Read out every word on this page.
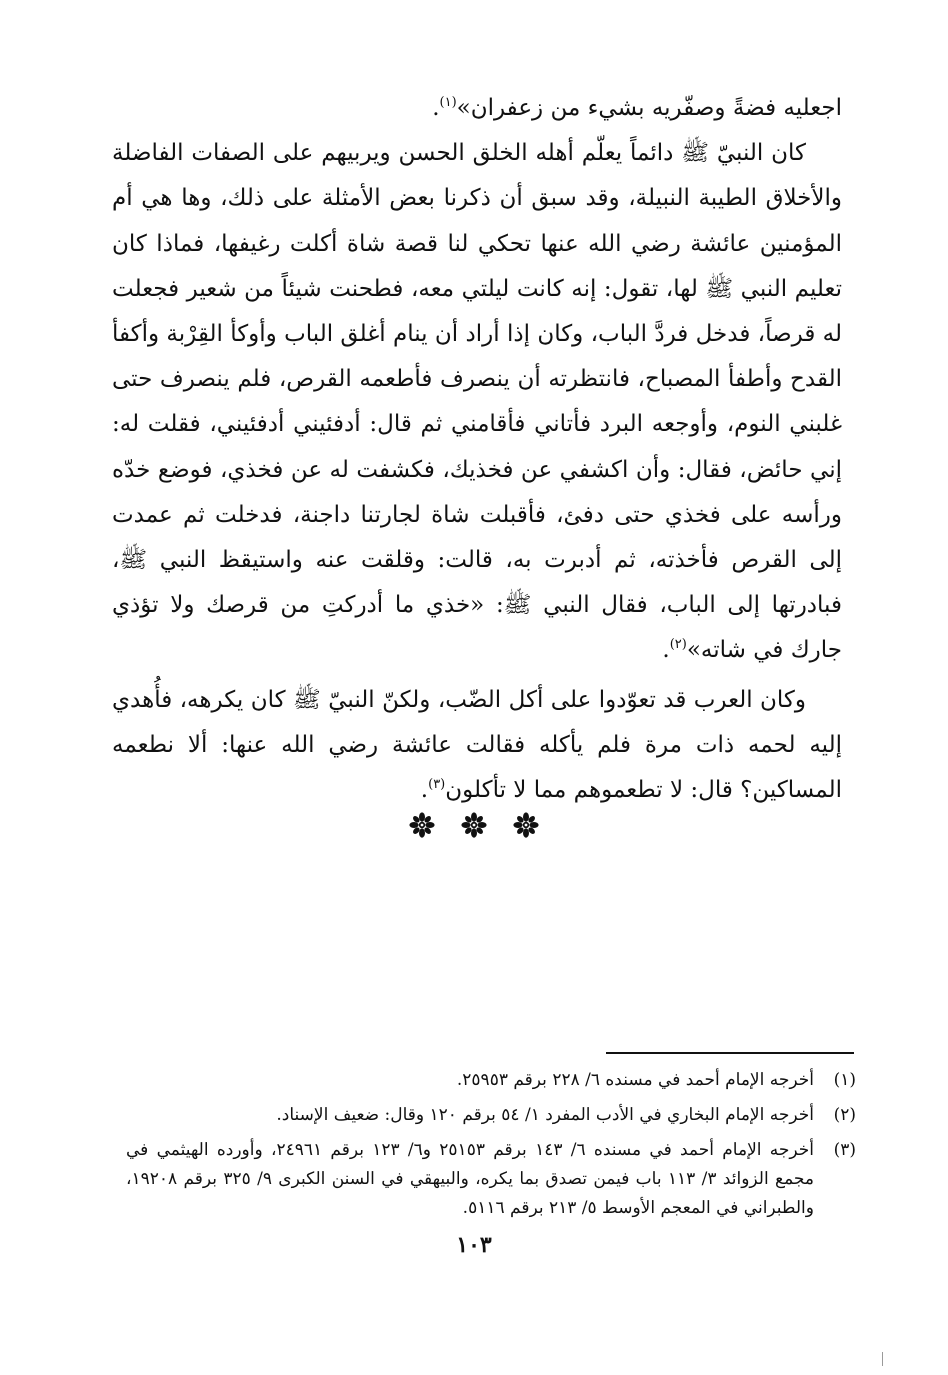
اجعليه فضةً وصفّريه بشيء من زعفران»$^{(١)}$.

كان النبيّ ﷺ دائماً يعلّم أهله الخلق الحسن ويربيهم على الصفات الفاضلة والأخلاق الطيبة النبيلة، وقد سبق أن ذكرنا بعض الأمثلة على ذلك، وها هي أم المؤمنين عائشة رضي الله عنها تحكي لنا قصة شاة أكلت رغيفها، فماذا كان تعليم النبي ﷺ لها، تقول: إنه كانت ليلتي معه، فطحنت شيئاً من شعير فجعلت له قرصاً، فدخل فردَّ الباب، وكان إذا أراد أن ينام أغلق الباب وأوكأ القِرْبة وأكفأ القدح وأطفأ المصباح، فانتظرته أن ينصرف فأطعمه القرص، فلم ينصرف حتى غلبني النوم، وأوجعه البرد فأتاني فأقامني ثم قال: أدفئيني أدفئيني، فقلت له: إني حائض، فقال: وأن اكشفي عن فخذيك، فكشفت له عن فخذي، فوضع خدّه ورأسه على فخذي حتى دفئ، فأقبلت شاة لجارتنا داجنة، فدخلت ثم عمدت إلى القرص فأخذته، ثم أدبرت به، قالت: وقلقت عنه واستيقظ النبي ﷺ، فبادرتها إلى الباب، فقال النبي ﷺ: «خذي ما أدركتِ من قرصك ولا تؤذي جارك في شاته»$^{(٢)}$.

وكان العرب قد تعوّدوا على أكل الضّب، ولكنّ النبيّ ﷺ كان يكرهه، فأُهدي إليه لحمه ذات مرة فلم يأكله فقالت عائشة رضي الله عنها: ألا نطعمه المساكين؟ قال: لا تطعموهم مما لا تأكلون$^{(٣)}$.

(١)
أخرجه الإمام أحمد في مسنده ٦/ ٢٢٨ برقم ٢٥٩٥٣.

(٢)
أخرجه الإمام البخاري في الأدب المفرد ١/ ٥٤ برقم ١٢٠ وقال: ضعيف الإسناد.

(٣)
أخرجه الإمام أحمد في مسنده ٦/ ١٤٣ برقم ٢٥١٥٣ و٦/ ١٢٣ برقم ٢٤٩٦١، وأورده الهيثمي في مجمع الزوائد ٣/ ١١٣ باب فيمن تصدق بما يكره، والبيهقي في السنن الكبرى ٩/ ٣٢٥ برقم ١٩٢٠٨، والطبراني في المعجم الأوسط ٥/ ٢١٣ برقم ٥١١٦.

١٠٣
